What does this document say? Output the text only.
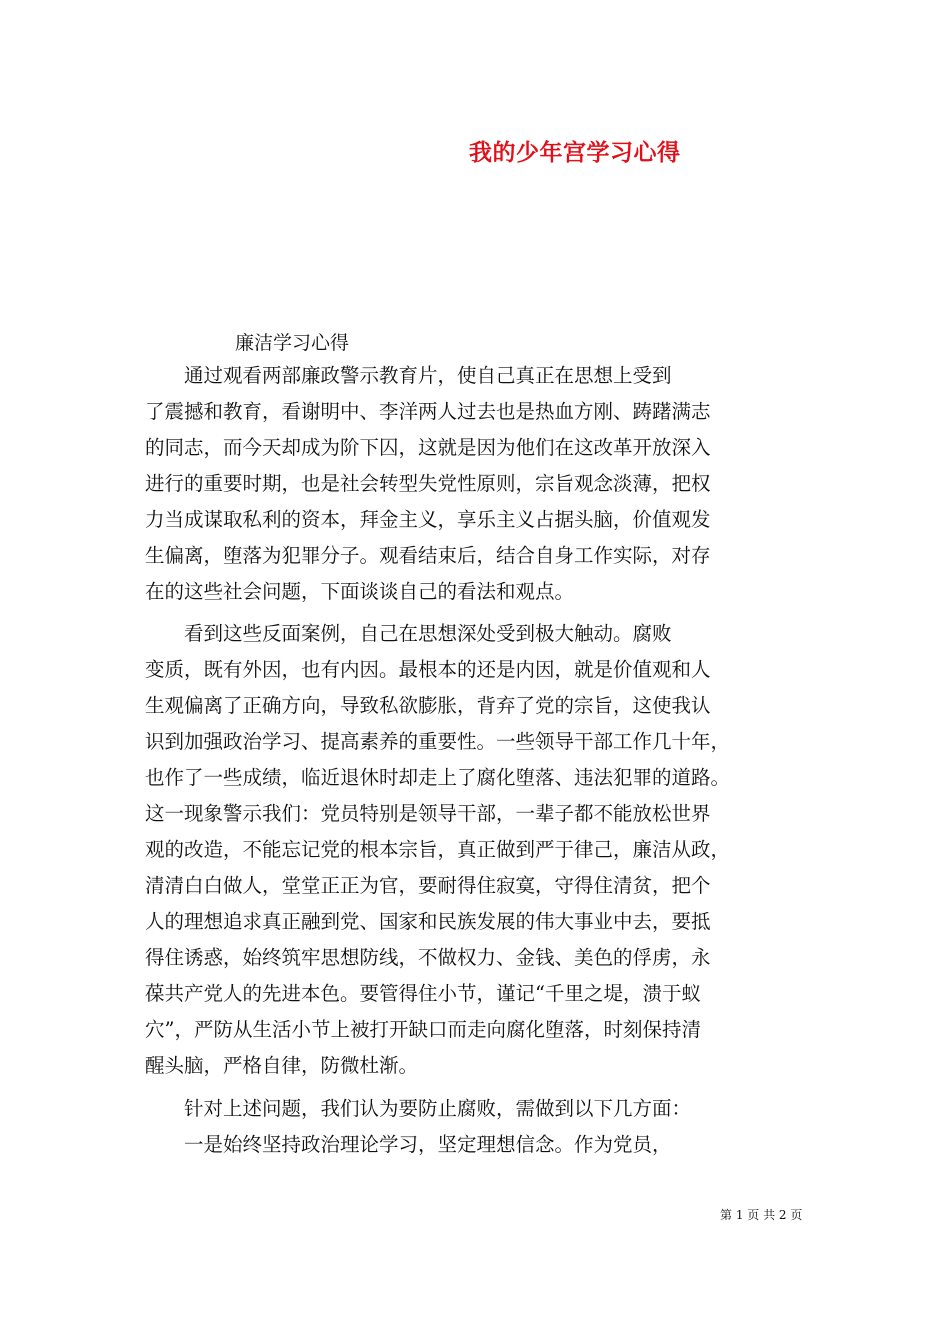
我的少年宫学习心得
廉洁学习心得
　　通过观看两部廉政警示教育片，使自己真正在思想上受到
了震撼和教育，看谢明中、李洋两人过去也是热血方刚、踌躇满志
的同志，而今天却成为阶下囚，这就是因为他们在这改革开放深入
进行的重要时期，也是社会转型失党性原则，宗旨观念淡薄，把权
力当成谋取私利的资本，拜金主义，享乐主义占据头脑，价值观发
生偏离，堕落为犯罪分子。观看结束后，结合自身工作实际，对存
在的这些社会问题，下面谈谈自己的看法和观点。
　　看到这些反面案例，自己在思想深处受到极大触动。腐败
变质，既有外因，也有内因。最根本的还是内因，就是价值观和人
生观偏离了正确方向，导致私欲膨胀，背弃了党的宗旨，这使我认
识到加强政治学习、提高素养的重要性。一些领导干部工作几十年，
也作了一些成绩，临近退休时却走上了腐化堕落、违法犯罪的道路。
这一现象警示我们：党员特别是领导干部，一辈子都不能放松世界
观的改造，不能忘记党的根本宗旨，真正做到严于律己，廉洁从政，
清清白白做人，堂堂正正为官，要耐得住寂寞，守得住清贫，把个
人的理想追求真正融到党、国家和民族发展的伟大事业中去，要抵
得住诱惑，始终筑牢思想防线，不做权力、金钱、美色的俘虏，永
葆共产党人的先进本色。要管得住小节，谨记“千里之堤，溃于蚁
穴”，严防从生活小节上被打开缺口而走向腐化堕落，时刻保持清
醒头脑，严格自律，防微杜渐。
　　针对上述问题，我们认为要防止腐败，需做到以下几方面：
　　一是始终坚持政治理论学习，坚定理想信念。作为党员，
第 1 页 共 2 页
